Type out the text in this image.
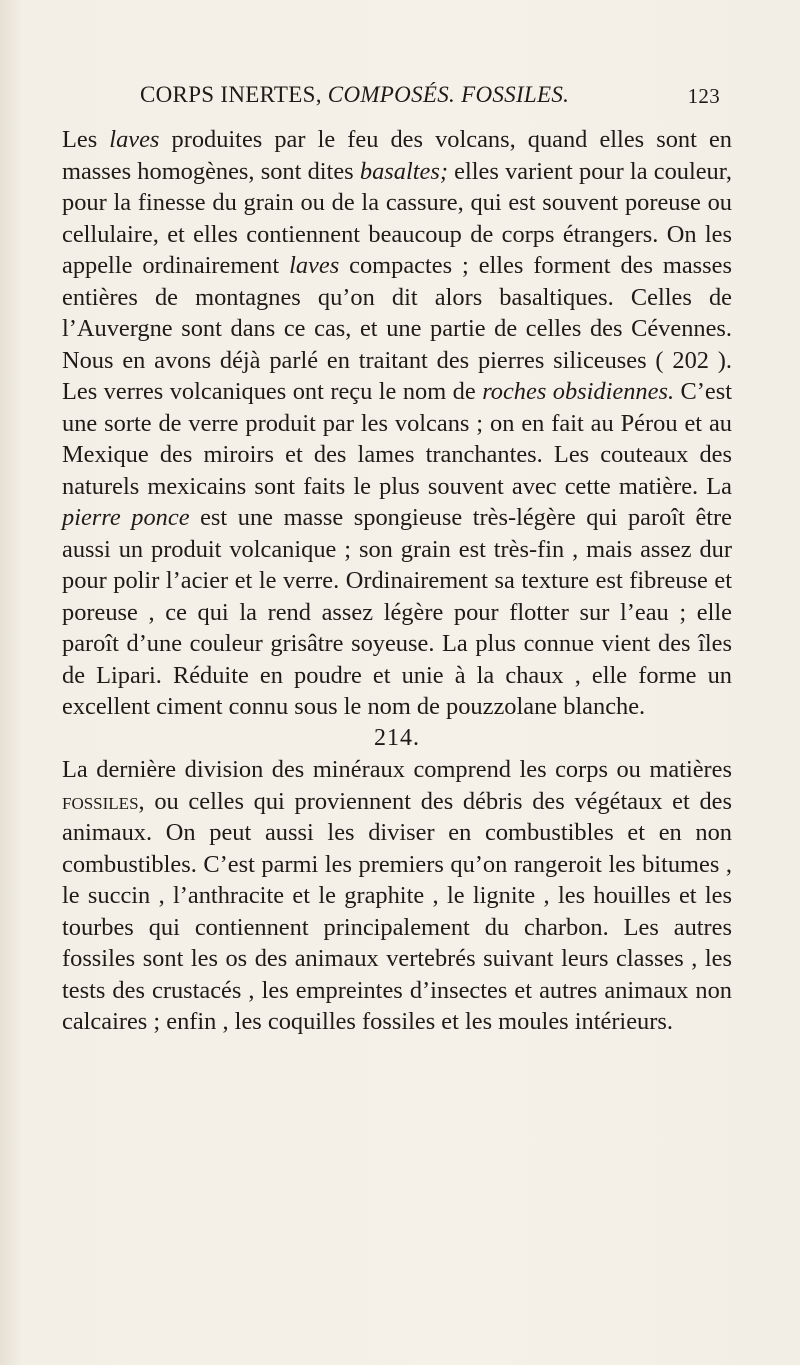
CORPS INERTES, COMPOSÉS. FOSSILES.	123

Les laves produites par le feu des volcans, quand elles sont en masses homogènes, sont dites basaltes; elles varient pour la couleur, pour la finesse du grain ou de la cassure, qui est souvent poreuse ou cellulaire, et elles contiennent beaucoup de corps étrangers. On les appelle ordinairement laves compactes ; elles forment des masses entières de montagnes qu’on dit alors basaltiques. Celles de l’Auvergne sont dans ce cas, et une partie de celles des Cévennes. Nous en avons déjà parlé en traitant des pierres siliceuses ( 202 ). Les verres volcaniques ont reçu le nom de roches obsidiennes. C’est une sorte de verre produit par les volcans ; on en fait au Pérou et au Mexique des miroirs et des lames tranchantes. Les couteaux des naturels mexicains sont faits le plus souvent avec cette matière. La pierre ponce est une masse spongieuse très-légère qui paroît être aussi un produit volcanique ; son grain est très-fin , mais assez dur pour polir l’acier et le verre. Ordinairement sa texture est fibreuse et poreuse , ce qui la rend assez légère pour flotter sur l’eau ; elle paroît d’une couleur grisâtre soyeuse. La plus connue vient des îles de Lipari. Réduite en poudre et unie à la chaux , elle forme un excellent ciment connu sous le nom de pouzzolane blanche.

214.

La dernière division des minéraux comprend les corps ou matières fossiles, ou celles qui proviennent des débris des végétaux et des animaux. On peut aussi les diviser en combustibles et en non combustibles. C’est parmi les premiers qu’on rangeroit les bitumes , le succin , l’anthracite et le graphite , le lignite , les houilles et les tourbes qui contiennent principalement du charbon. Les autres fossiles sont les os des animaux vertebrés suivant leurs classes , les tests des crustacés , les empreintes d’insectes et autres animaux non calcaires ; enfin , les coquilles fossiles et les moules intérieurs.
